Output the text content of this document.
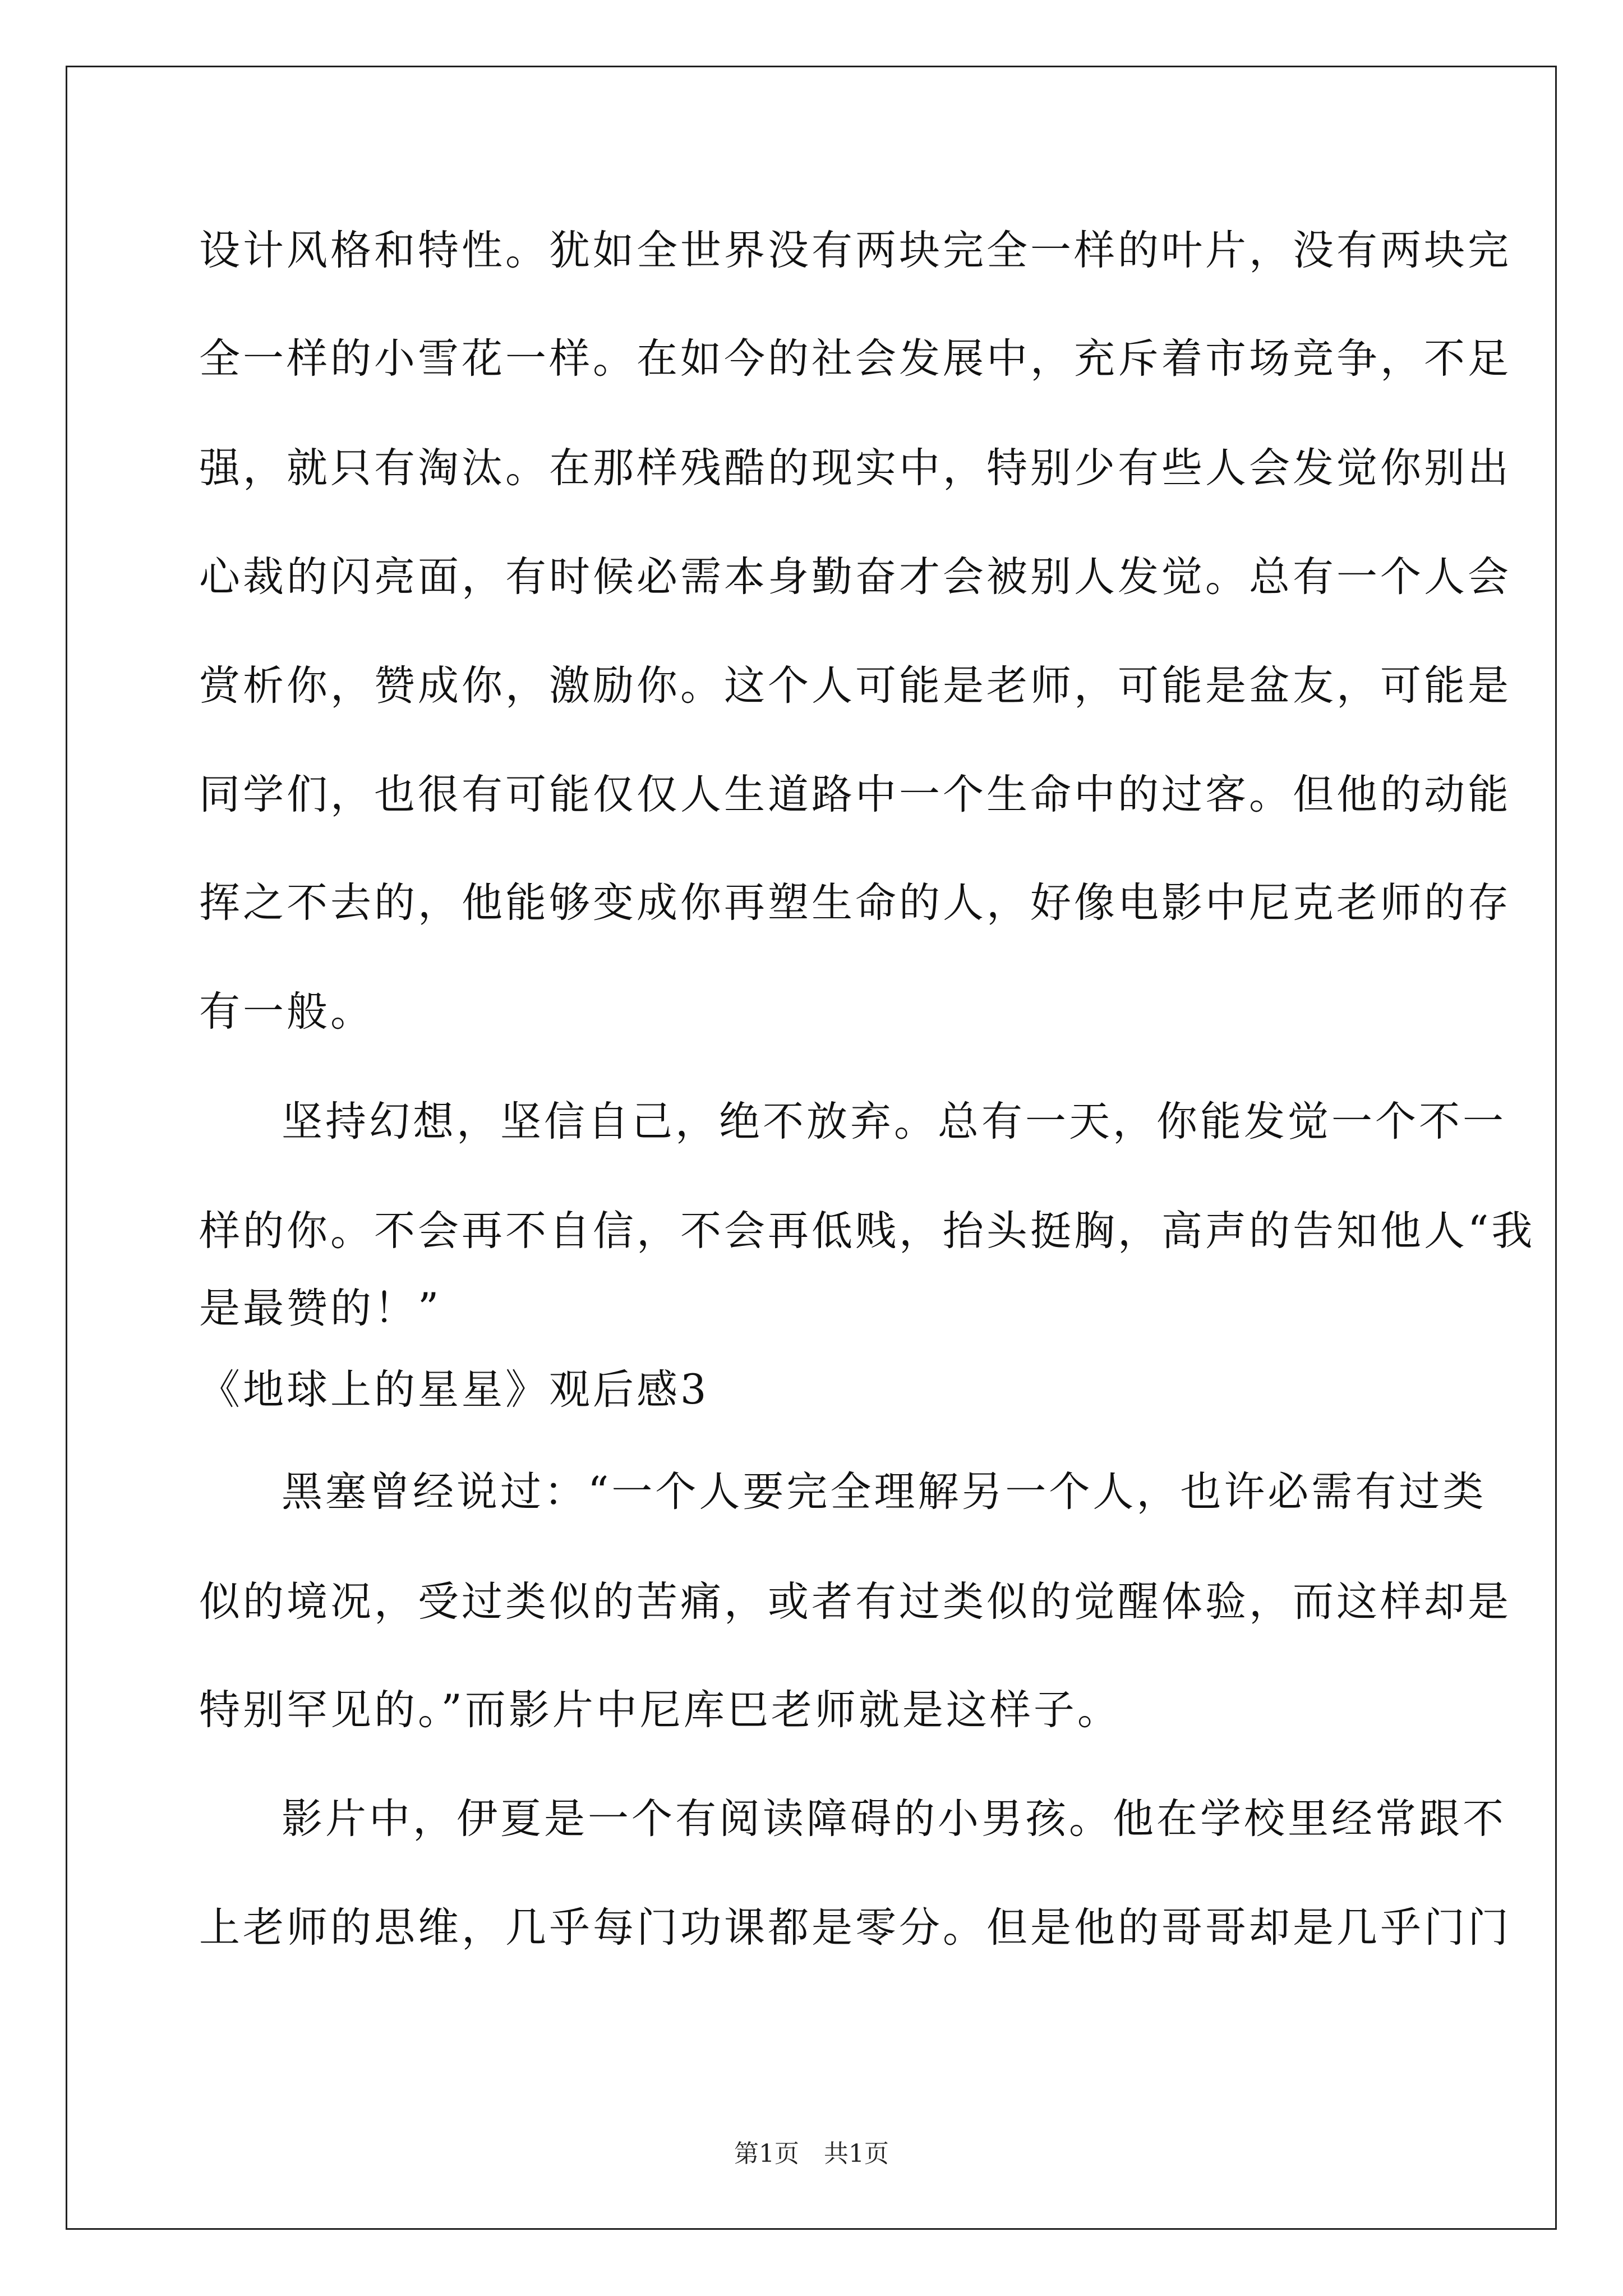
设计风格和特性。犹如全世界没有两块完全一样的叶片，没有两块完
全一样的小雪花一样。在如今的社会发展中，充斥着市场竞争，不足
强，就只有淘汰。在那样残酷的现实中，特别少有些人会发觉你别出
心裁的闪亮面，有时候必需本身勤奋才会被别人发觉。总有一个人会
赏析你，赞成你，激励你。这个人可能是老师，可能是盆友，可能是
同学们，也很有可能仅仅人生道路中一个生命中的过客。但他的动能
挥之不去的，他能够变成你再塑生命的人，好像电影中尼克老师的存
有一般。
坚持幻想，坚信自己，绝不放弃。总有一天，你能发觉一个不一
样的你。不会再不自信，不会再低贱，抬头挺胸，高声的告知他人“我
是最赞的！”
《地球上的星星》观后感3
黑塞曾经说过：“一个人要完全理解另一个人，也许必需有过类
似的境况，受过类似的苦痛，或者有过类似的觉醒体验，而这样却是
特别罕见的。”而影片中尼库巴老师就是这样子。
影片中，伊夏是一个有阅读障碍的小男孩。他在学校里经常跟不
上老师的思维，几乎每门功课都是零分。但是他的哥哥却是几乎门门
第1页　共1页
